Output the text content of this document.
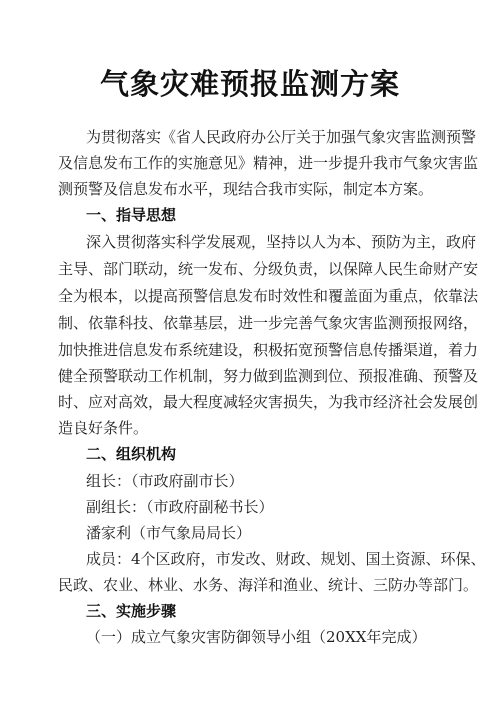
气象灾难预报监测方案
为贯彻落实《省人民政府办公厅关于加强气象灾害监测预警
及信息发布工作的实施意见》精神，进一步提升我市气象灾害监
测预警及信息发布水平，现结合我市实际，制定本方案。
一、指导思想
深入贯彻落实科学发展观，坚持以人为本、预防为主，政府
主导、部门联动，统一发布、分级负责，以保障人民生命财产安
全为根本，以提高预警信息发布时效性和覆盖面为重点，依靠法
制、依靠科技、依靠基层，进一步完善气象灾害监测预报网络，
加快推进信息发布系统建设，积极拓宽预警信息传播渠道，着力
健全预警联动工作机制，努力做到监测到位、预报准确、预警及
时、应对高效，最大程度减轻灾害损失，为我市经济社会发展创
造良好条件。
二、组织机构
组长：（市政府副市长）
副组长：（市政府副秘书长）
潘家利（市气象局局长）
成员：4个区政府，市发改、财政、规划、国土资源、环保、
民政、农业、林业、水务、海洋和渔业、统计、三防办等部门。
三、实施步骤
（一）成立气象灾害防御领导小组（20XX年完成）
